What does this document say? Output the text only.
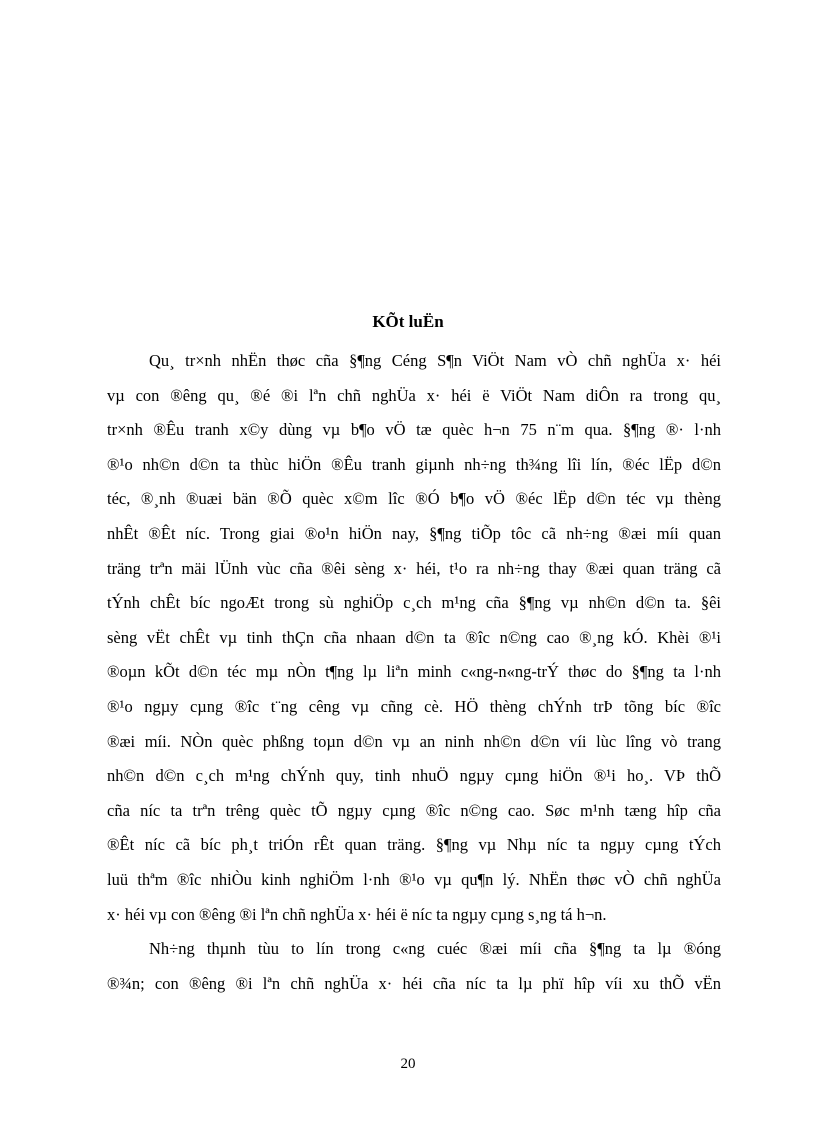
KÕt luËn
Qu¸ tr×nh nhËn thøc cña §¶ng Céng S¶n ViÖt Nam vÒ chñ nghÜa x· héi
vµ con ®êng qu¸ ®é ®i lªn chñ nghÜa x· héi ë ViÖt Nam diÔn ra trong qu¸
tr×nh ®Êu tranh x©y dùng vµ b¶o vÖ tæ quèc h¬n 75 n¨m qua. §¶ng ®· l·nh
®¹o nh©n d©n ta thùc hiÖn ®Êu tranh giµnh nh÷ng th¾ng lîi lín, ®éc lËp d©n
téc, ®¸nh ®uæi bän ®Õ quèc x©m lîc ®Ó b¶o vÖ ®éc lËp d©n téc vµ thèng
nhÊt ®Êt níc. Trong giai ®o¹n hiÖn nay, §¶ng tiÕp tôc cã nh÷ng ®æi míi quan
träng trªn mäi lÜnh vùc cña ®êi sèng x· héi, t¹o ra nh÷ng thay ®æi quan träng cã
tÝnh chÊt bíc ngoÆt trong sù nghiÖp c¸ch m¹ng cña §¶ng vµ nh©n d©n ta. §êi
sèng vËt chÊt vµ tinh thÇn cña nhaan d©n ta ®îc n©ng cao ®¸ng kÓ. Khèi ®¹i
®oµn kÕt d©n téc mµ nÒn t¶ng lµ liªn minh c«ng-n«ng-trÝ thøc do §¶ng ta l·nh
®¹o ngµy cµng ®îc t¨ng cêng vµ cñng cè. HÖ thèng chÝnh trÞ tõng bíc ®îc
®æi míi. NÒn quèc phßng toµn d©n vµ an ninh nh©n d©n víi lùc lîng vò trang
nh©n d©n c¸ch m¹ng chÝnh quy, tinh nhuÖ ngµy cµng hiÖn ®¹i ho¸. VÞ thÕ
cña níc ta trªn trêng quèc tÕ ngµy cµng ®îc n©ng cao. Søc m¹nh tæng hîp cña
®Êt níc cã bíc ph¸t triÓn rÊt quan träng. §¶ng vµ Nhµ níc ta ngµy cµng tÝch
luü thªm ®îc nhiÒu kinh nghiÖm l·nh ®¹o vµ qu¶n lý. NhËn thøc vÒ chñ nghÜa
x· héi vµ con ®êng ®i lªn chñ nghÜa x· héi ë níc ta ngµy cµng s¸ng tá h¬n.
Nh÷ng thµnh tùu to lín trong c«ng cuéc ®æi míi cña §¶ng ta lµ ®óng
®¾n; con ®êng ®i lªn chñ nghÜa x· héi cña níc ta lµ phï hîp víi xu thÕ vËn
20
